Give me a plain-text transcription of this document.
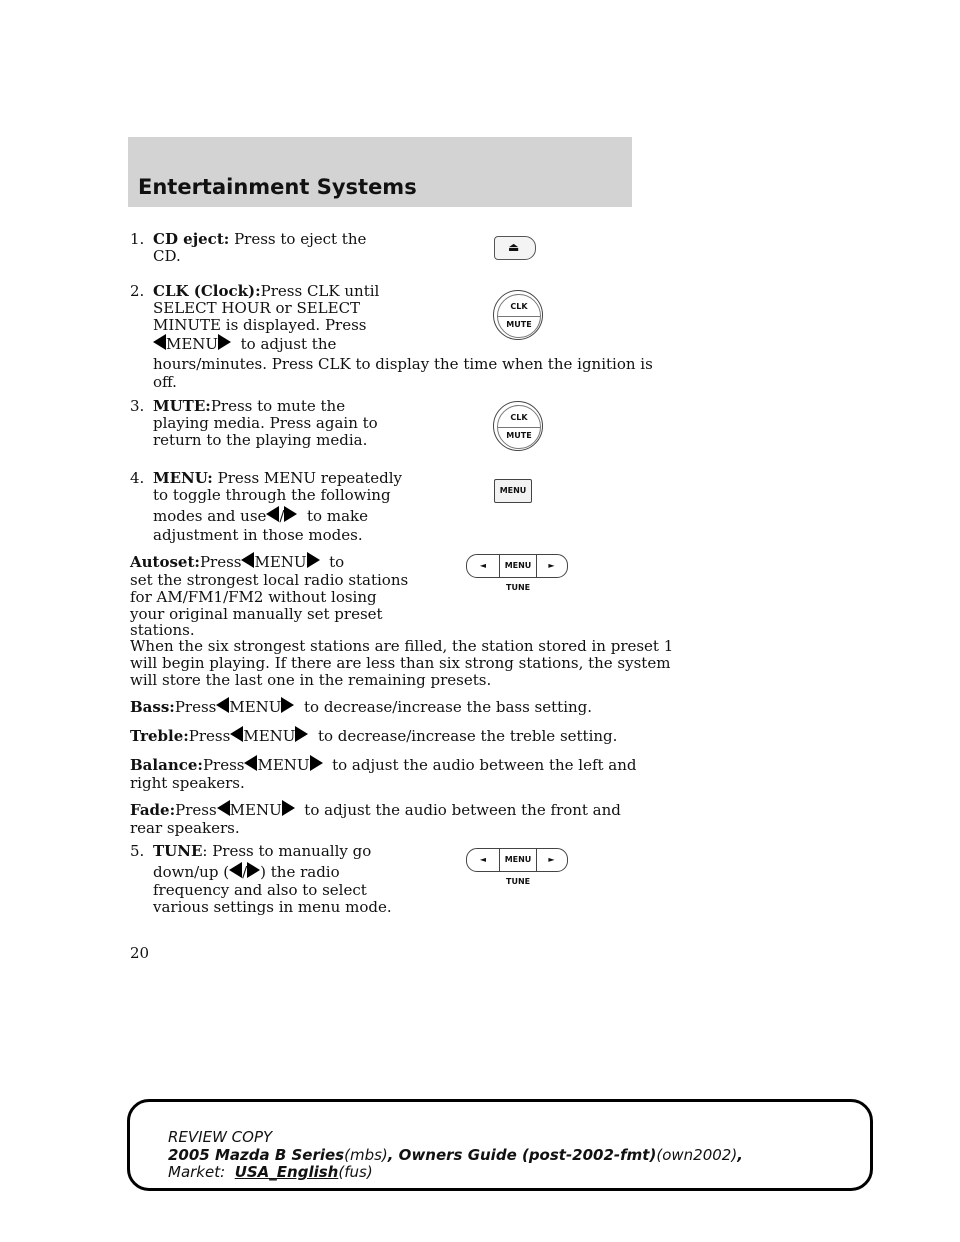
Entertainment Systems
1. CD eject: Press to eject the
CD.	⏏
2. CLK (Clock):Press CLK until
SELECT HOUR or SELECT
MINUTE is displayed. Press
MENU to adjust the
hours/minutes. Press CLK to display the time when the ignition is
off.
CLK
MUTE
3. MUTE:Press to mute the
playing media. Press again to
return to the playing media.
CLK
MUTE
4. MENU: Press MENU repeatedly
to toggle through the following
modes and use / to make
adjustment in those modes.
MENU
Autoset:Press MENU to
set the strongest local radio stations
for AM/FM1/FM2 without losing
your original manually set preset
stations.
When the six strongest stations are filled, the station stored in preset 1
will begin playing. If there are less than six strong stations, the system
will store the last one in the remaining presets.
◄	MENU	►
TUNE
Bass:Press MENU to decrease/increase the bass setting.
Treble:Press MENU to decrease/increase the treble setting.
Balance:Press MENU to adjust the audio between the left and
right speakers.
Fade:Press MENU to adjust the audio between the front and
rear speakers.
5. TUNE: Press to manually go
down/up ( / ) the radio
frequency and also to select
various settings in menu mode.
◄	MENU	►
TUNE
20
REVIEW COPY
2005 Mazda B Series(mbs), Owners Guide (post-2002-fmt)(own2002),
Market: USA_English(fus)
